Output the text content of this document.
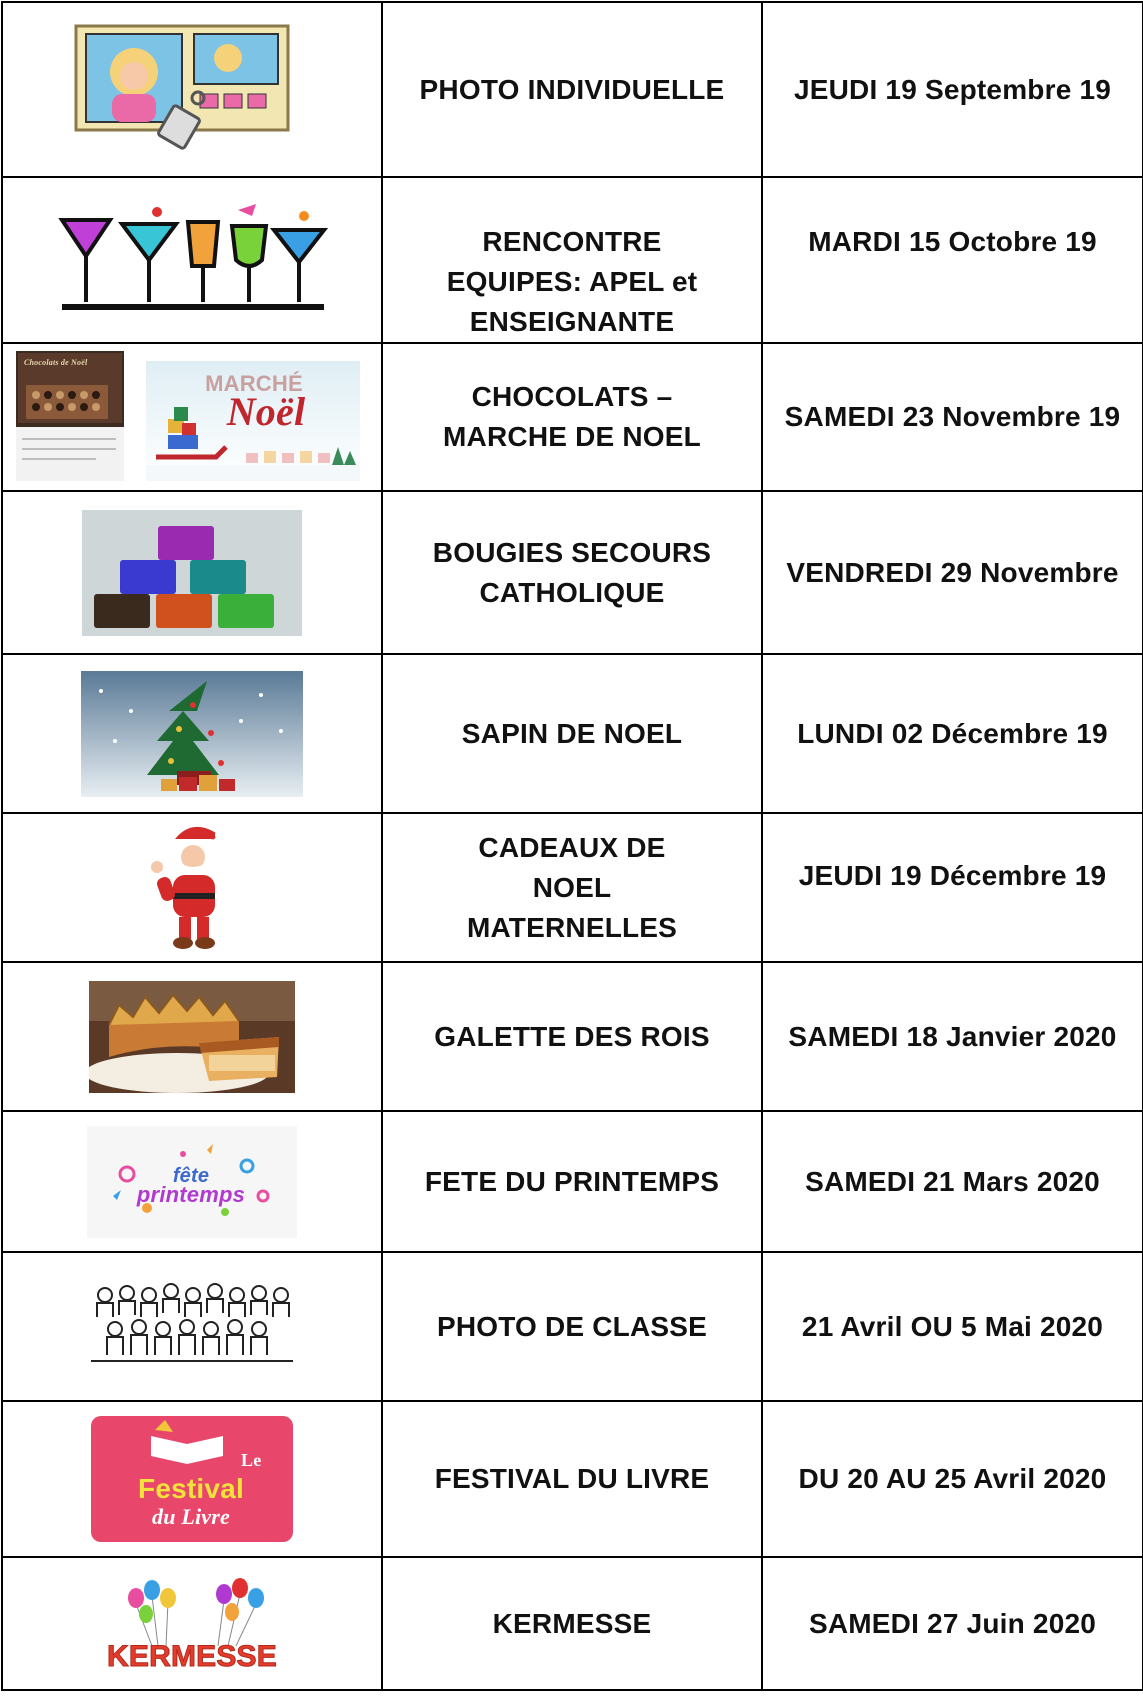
PHOTO INDIVIDUELLE	JEUDI 19 Septembre 19

RENCONTRE EQUIPES: APEL et ENSEIGNANTE	MARDI 15 Octobre 19

Chocolats de Noël
MARCHÉ
Noël	CHOCOLATS – MARCHE DE NOEL	SAMEDI 23 Novembre 19

BOUGIES SECOURS CATHOLIQUE	VENDREDI 29 Novembre

SAPIN DE NOEL	LUNDI 02 Décembre 19

CADEAUX DE NOEL MATERNELLES	JEUDI 19 Décembre 19

GALETTE DES ROIS	SAMEDI 18 Janvier 2020

fête
printemps	FETE DU PRINTEMPS	SAMEDI 21 Mars 2020

PHOTO DE CLASSE	21 Avril OU 5 Mai 2020

Le
Festival
du Livre	FESTIVAL DU LIVRE	DU 20 AU 25 Avril 2020

KERMESSE	KERMESSE	SAMEDI 27 Juin 2020
